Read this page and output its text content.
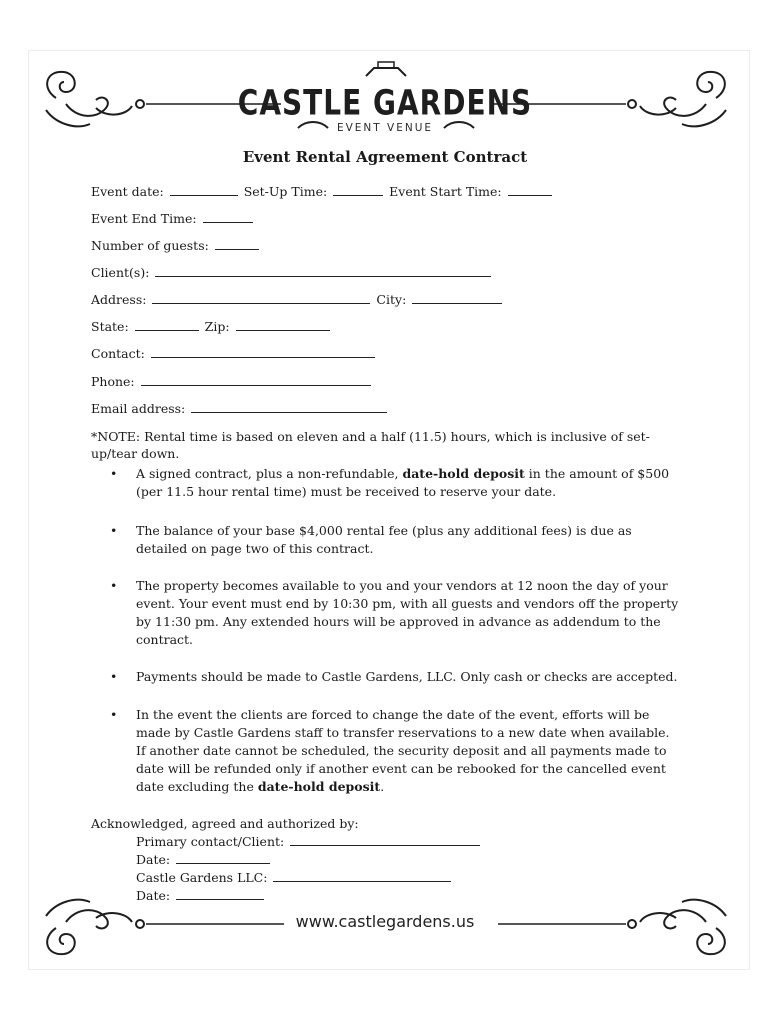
CASTLE GARDENS
EVENT VENUE
Event Rental Agreement Contract
Event date:	Set-Up Time:	Event Start Time:
Event End Time:
Number of guests:
Client(s):
Address:	City:
State:	Zip:
Contact:
Phone:
Email address:
*NOTE: Rental time is based on eleven and a half (11.5) hours, which is inclusive of set-up/tear down.
• A signed contract, plus a non-refundable, date-hold deposit in the amount of $500 (per 11.5 hour rental time) must be received to reserve your date.
• The balance of your base $4,000 rental fee (plus any additional fees) is due as detailed on page two of this contract.
• The property becomes available to you and your vendors at 12 noon the day of your event. Your event must end by 10:30 pm, with all guests and vendors off the property by 11:30 pm. Any extended hours will be approved in advance as addendum to the contract.
• Payments should be made to Castle Gardens, LLC. Only cash or checks are accepted.
• In the event the clients are forced to change the date of the event, efforts will be made by Castle Gardens staff to transfer reservations to a new date when available. If another date cannot be scheduled, the security deposit and all payments made to date will be refunded only if another event can be rebooked for the cancelled event date excluding the date-hold deposit.
Acknowledged, agreed and authorized by:
Primary contact/Client:
Date:
Castle Gardens LLC:
Date:
www.castlegardens.us
